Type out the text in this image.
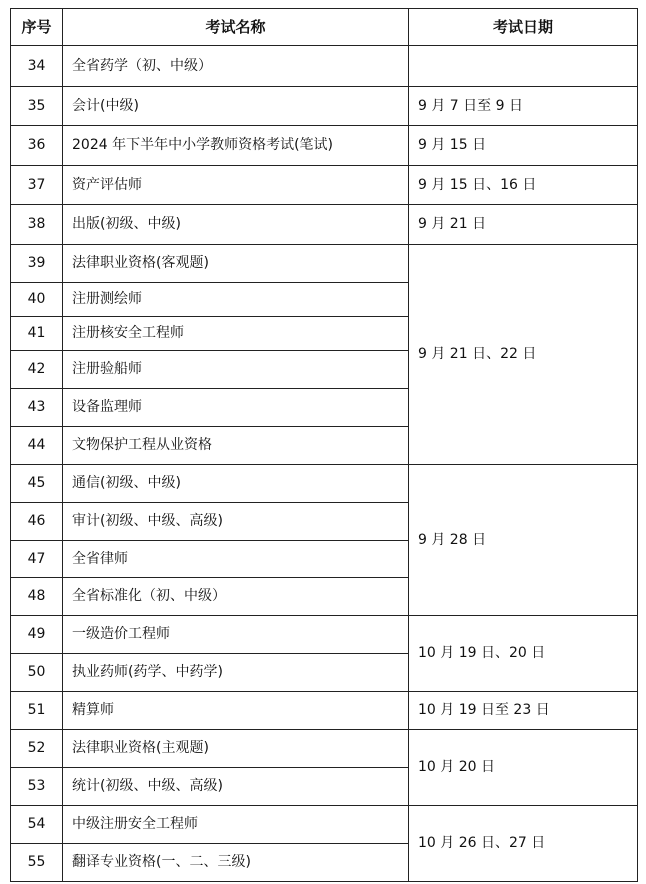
序号	考试名称	考试日期
34	全省药学（初、中级）	
35	会计(中级)	9 月 7 日至 9 日
36	2024 年下半年中小学教师资格考试(笔试)	9 月 15 日
37	资产评估师	9 月 15 日、16 日
38	出版(初级、中级)	9 月 21 日
39	法律职业资格(客观题)	9 月 21 日、22 日
40	注册测绘师	
41	注册核安全工程师	
42	注册验船师	
43	设备监理师	
44	文物保护工程从业资格	
45	通信(初级、中级)	9 月 28 日
46	审计(初级、中级、高级)	
47	全省律师	
48	全省标准化（初、中级）	
49	一级造价工程师	10 月 19 日、20 日
50	执业药师(药学、中药学)	
51	精算师	10 月 19 日至 23 日
52	法律职业资格(主观题)	10 月 20 日
53	统计(初级、中级、高级)	
54	中级注册安全工程师	10 月 26 日、27 日
55	翻译专业资格(一、二、三级)	
